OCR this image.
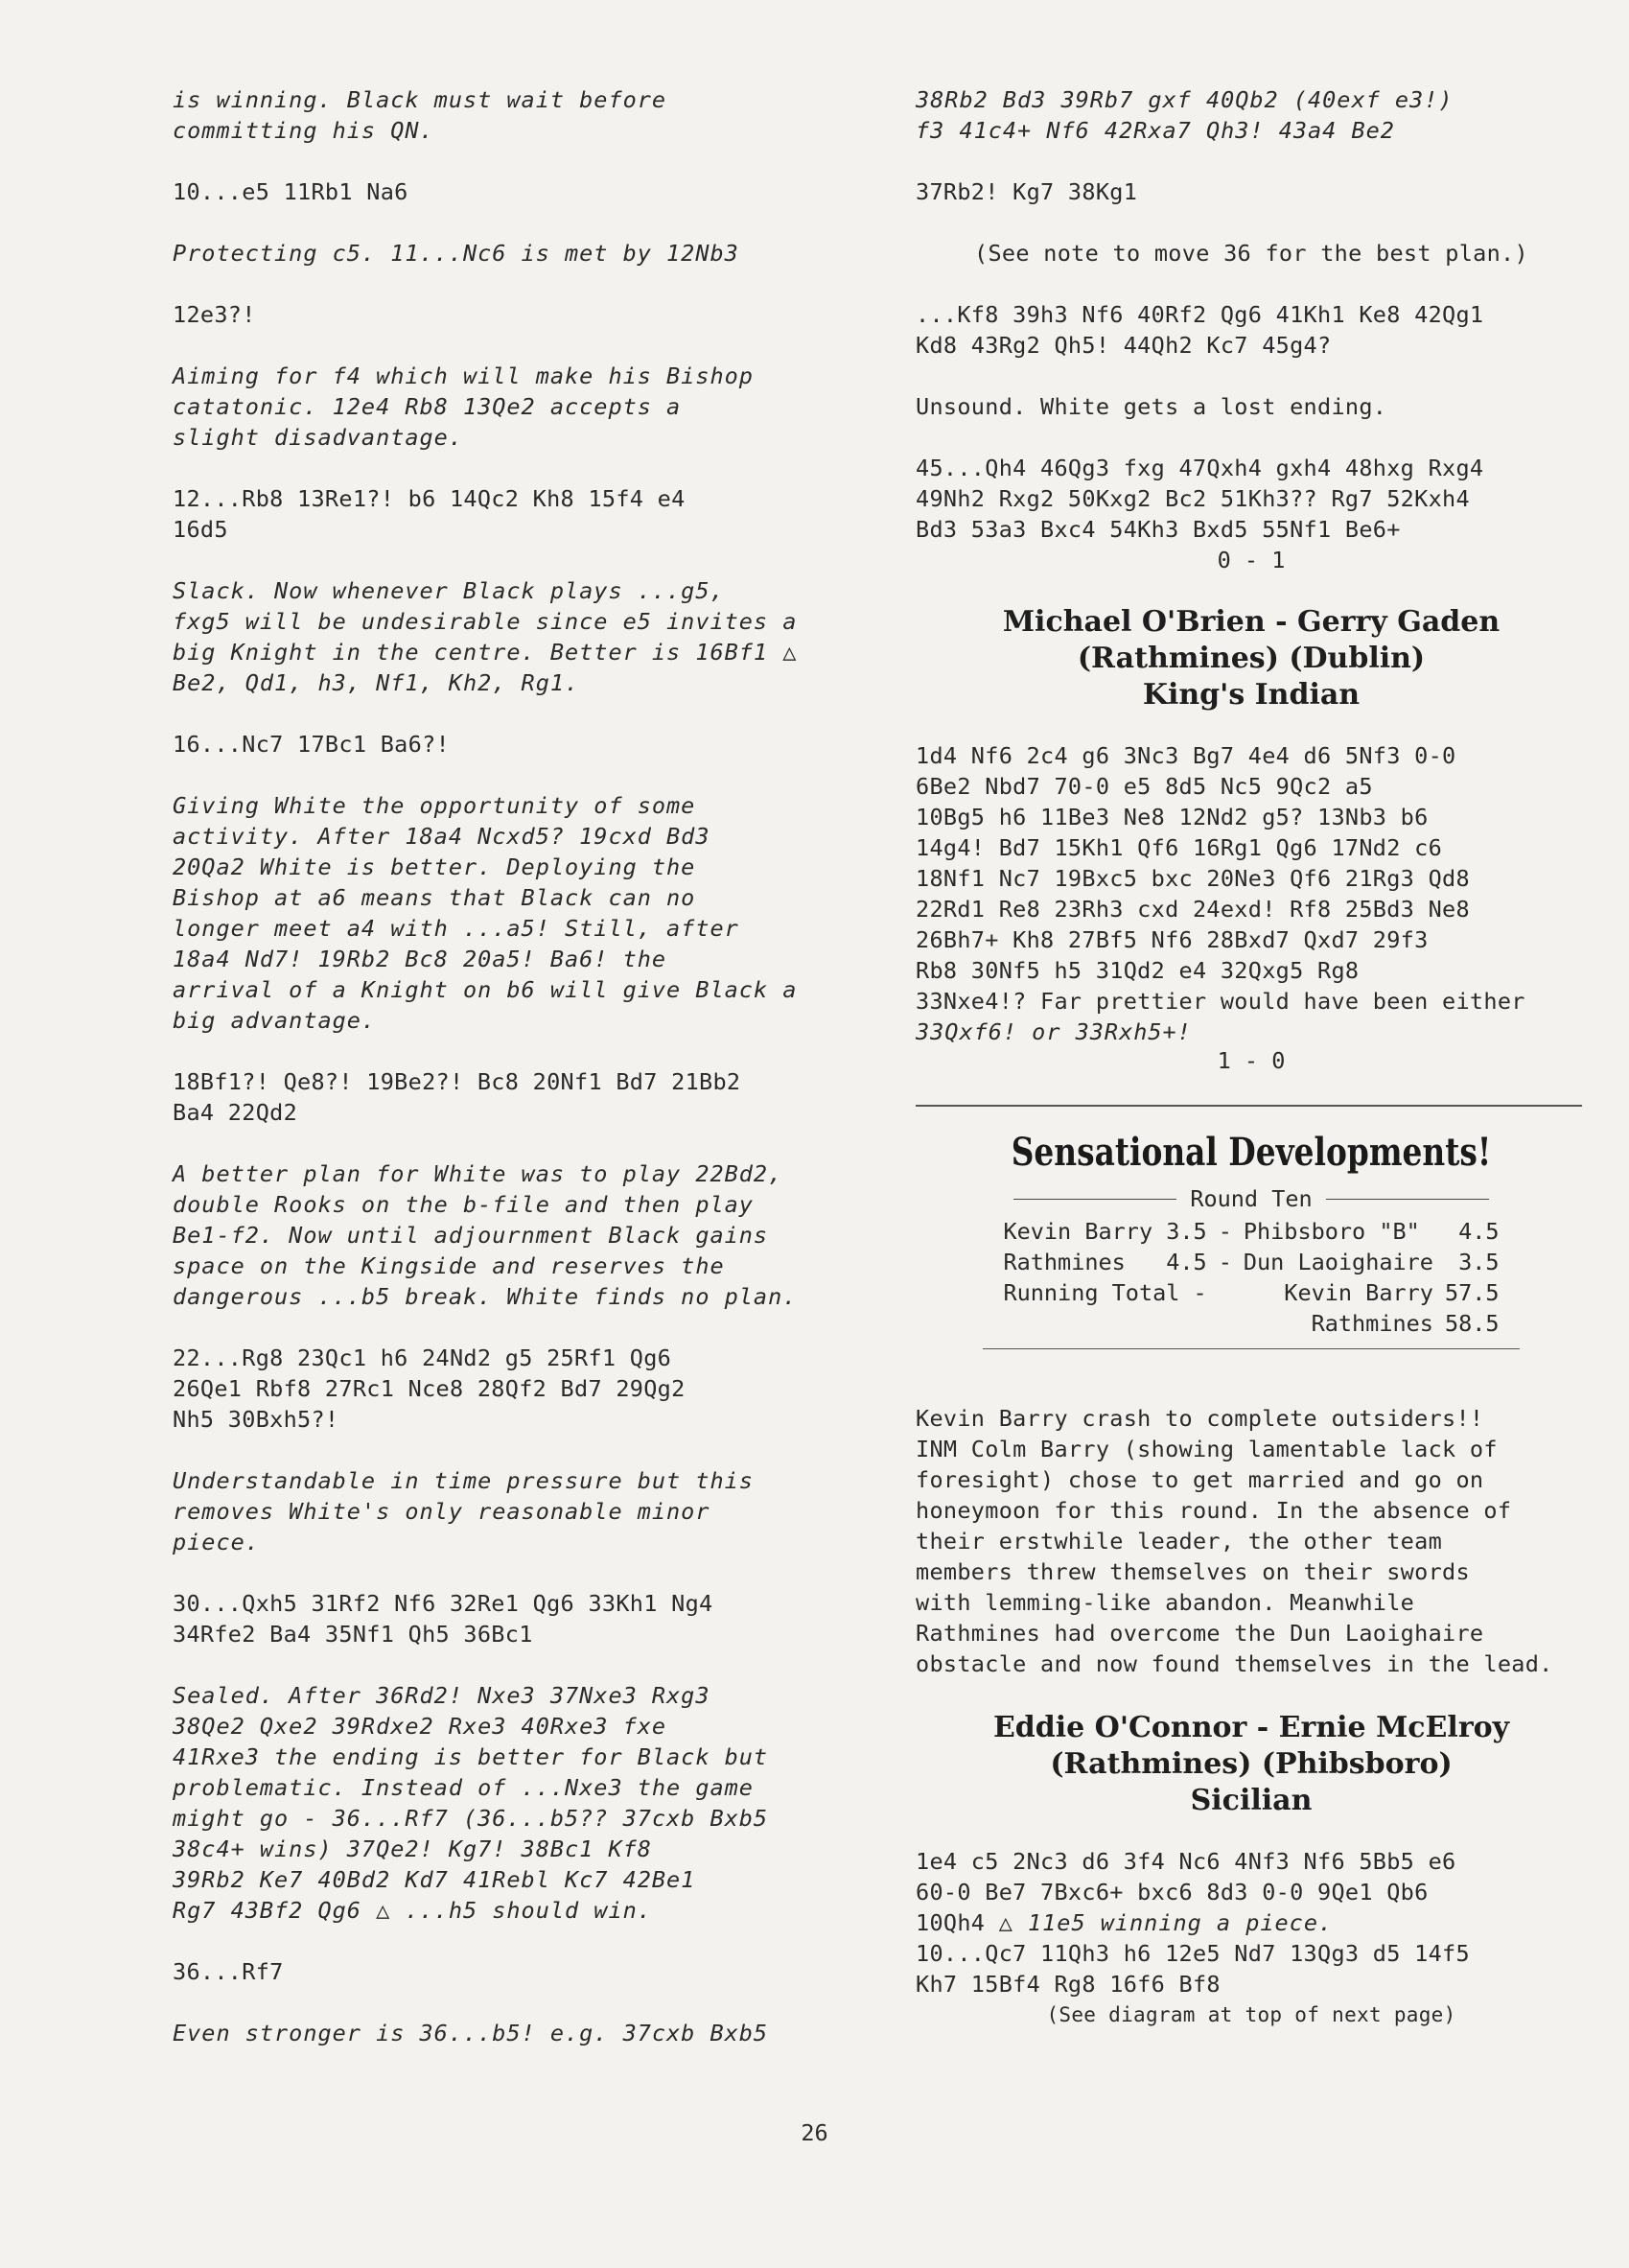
is winning. Black must wait before
committing his QN.

10...e5 11Rb1 Na6

Protecting c5. 11...Nc6 is met by 12Nb3

12e3?!

Aiming for f4 which will make his Bishop
catatonic. 12e4 Rb8 13Qe2 accepts a
slight disadvantage.

12...Rb8 13Re1?! b6 14Qc2 Kh8 15f4 e4
16d5

Slack. Now whenever Black plays ...g5,
fxg5 will be undesirable since e5 invites a
big Knight in the centre. Better is 16Bf1 △
Be2, Qd1, h3, Nf1, Kh2, Rg1.

16...Nc7 17Bc1 Ba6?!

Giving White the opportunity of some
activity. After 18a4 Ncxd5? 19cxd Bd3
20Qa2 White is better. Deploying the
Bishop at a6 means that Black can no
longer meet a4 with ...a5! Still, after
18a4 Nd7! 19Rb2 Bc8 20a5! Ba6! the
arrival of a Knight on b6 will give Black a
big advantage.

18Bf1?! Qe8?! 19Be2?! Bc8 20Nf1 Bd7 21Bb2
Ba4 22Qd2

A better plan for White was to play 22Bd2,
double Rooks on the b-file and then play
Be1-f2. Now until adjournment Black gains
space on the Kingside and reserves the
dangerous ...b5 break. White finds no plan.

22...Rg8 23Qc1 h6 24Nd2 g5 25Rf1 Qg6
26Qe1 Rbf8 27Rc1 Nce8 28Qf2 Bd7 29Qg2
Nh5 30Bxh5?!

Understandable in time pressure but this
removes White's only reasonable minor
piece.

30...Qxh5 31Rf2 Nf6 32Re1 Qg6 33Kh1 Ng4
34Rfe2 Ba4 35Nf1 Qh5 36Bc1

Sealed. After 36Rd2! Nxe3 37Nxe3 Rxg3
38Qe2 Qxe2 39Rdxe2 Rxe3 40Rxe3 fxe
41Rxe3 the ending is better for Black but
problematic. Instead of ...Nxe3 the game
might go - 36...Rf7 (36...b5?? 37cxb Bxb5
38c4+ wins) 37Qe2! Kg7! 38Bc1 Kf8
39Rb2 Ke7 40Bd2 Kd7 41Rebl Kc7 42Be1
Rg7 43Bf2 Qg6 △ ...h5 should win.

36...Rf7

Even stronger is 36...b5! e.g. 37cxb Bxb5

38Rb2 Bd3 39Rb7 gxf 40Qb2 (40exf e3!)
f3 41c4+ Nf6 42Rxa7 Qh3! 43a4 Be2

37Rb2! Kg7 38Kg1

(See note to move 36 for the best plan.)

...Kf8 39h3 Nf6 40Rf2 Qg6 41Kh1 Ke8 42Qg1
Kd8 43Rg2 Qh5! 44Qh2 Kc7 45g4?

Unsound. White gets a lost ending.

45...Qh4 46Qg3 fxg 47Qxh4 gxh4 48hxg Rxg4
49Nh2 Rxg2 50Kxg2 Bc2 51Kh3?? Rg7 52Kxh4
Bd3 53a3 Bxc4 54Kh3 Bxd5 55Nf1 Be6+

0 - 1
Michael O'Brien - Gerry Gaden
(Rathmines) (Dublin)
King's Indian

1d4 Nf6 2c4 g6 3Nc3 Bg7 4e4 d6 5Nf3 0-0
6Be2 Nbd7 70-0 e5 8d5 Nc5 9Qc2 a5
10Bg5 h6 11Be3 Ne8 12Nd2 g5? 13Nb3 b6
14g4! Bd7 15Kh1 Qf6 16Rg1 Qg6 17Nd2 c6
18Nf1 Nc7 19Bxc5 bxc 20Ne3 Qf6 21Rg3 Qd8
22Rd1 Re8 23Rh3 cxd 24exd! Rf8 25Bd3 Ne8
26Bh7+ Kh8 27Bf5 Nf6 28Bxd7 Qxd7 29f3
Rb8 30Nf5 h5 31Qd2 e4 32Qxg5 Rg8
33Nxe4!? Far prettier would have been either

33Qxf6! or 33Rxh5+!

1 - 0
Sensational Developments!
Round Ten
Kevin Barry	3.5	-	Phibsboro "B"	4.5
Rathmines	4.5	-	Dun Laoighaire	3.5
Running Total -			Kevin Barry	57.5
			Rathmines	58.5

Kevin Barry crash to complete outsiders!!
INM Colm Barry (showing lamentable lack of
foresight) chose to get married and go on
honeymoon for this round. In the absence of
their erstwhile leader, the other team
members threw themselves on their swords
with lemming-like abandon. Meanwhile
Rathmines had overcome the Dun Laoighaire
obstacle and now found themselves in the lead.

Eddie O'Connor - Ernie McElroy
(Rathmines) (Phibsboro)
Sicilian

1e4 c5 2Nc3 d6 3f4 Nc6 4Nf3 Nf6 5Bb5 e6
60-0 Be7 7Bxc6+ bxc6 8d3 0-0 9Qe1 Qb6

10Qh4 △ 11e5 winning a piece.

10...Qc7 11Qh3 h6 12e5 Nd7 13Qg3 d5 14f5
Kh7 15Bf4 Rg8 16f6 Bf8

(See diagram at top of next page)

26
